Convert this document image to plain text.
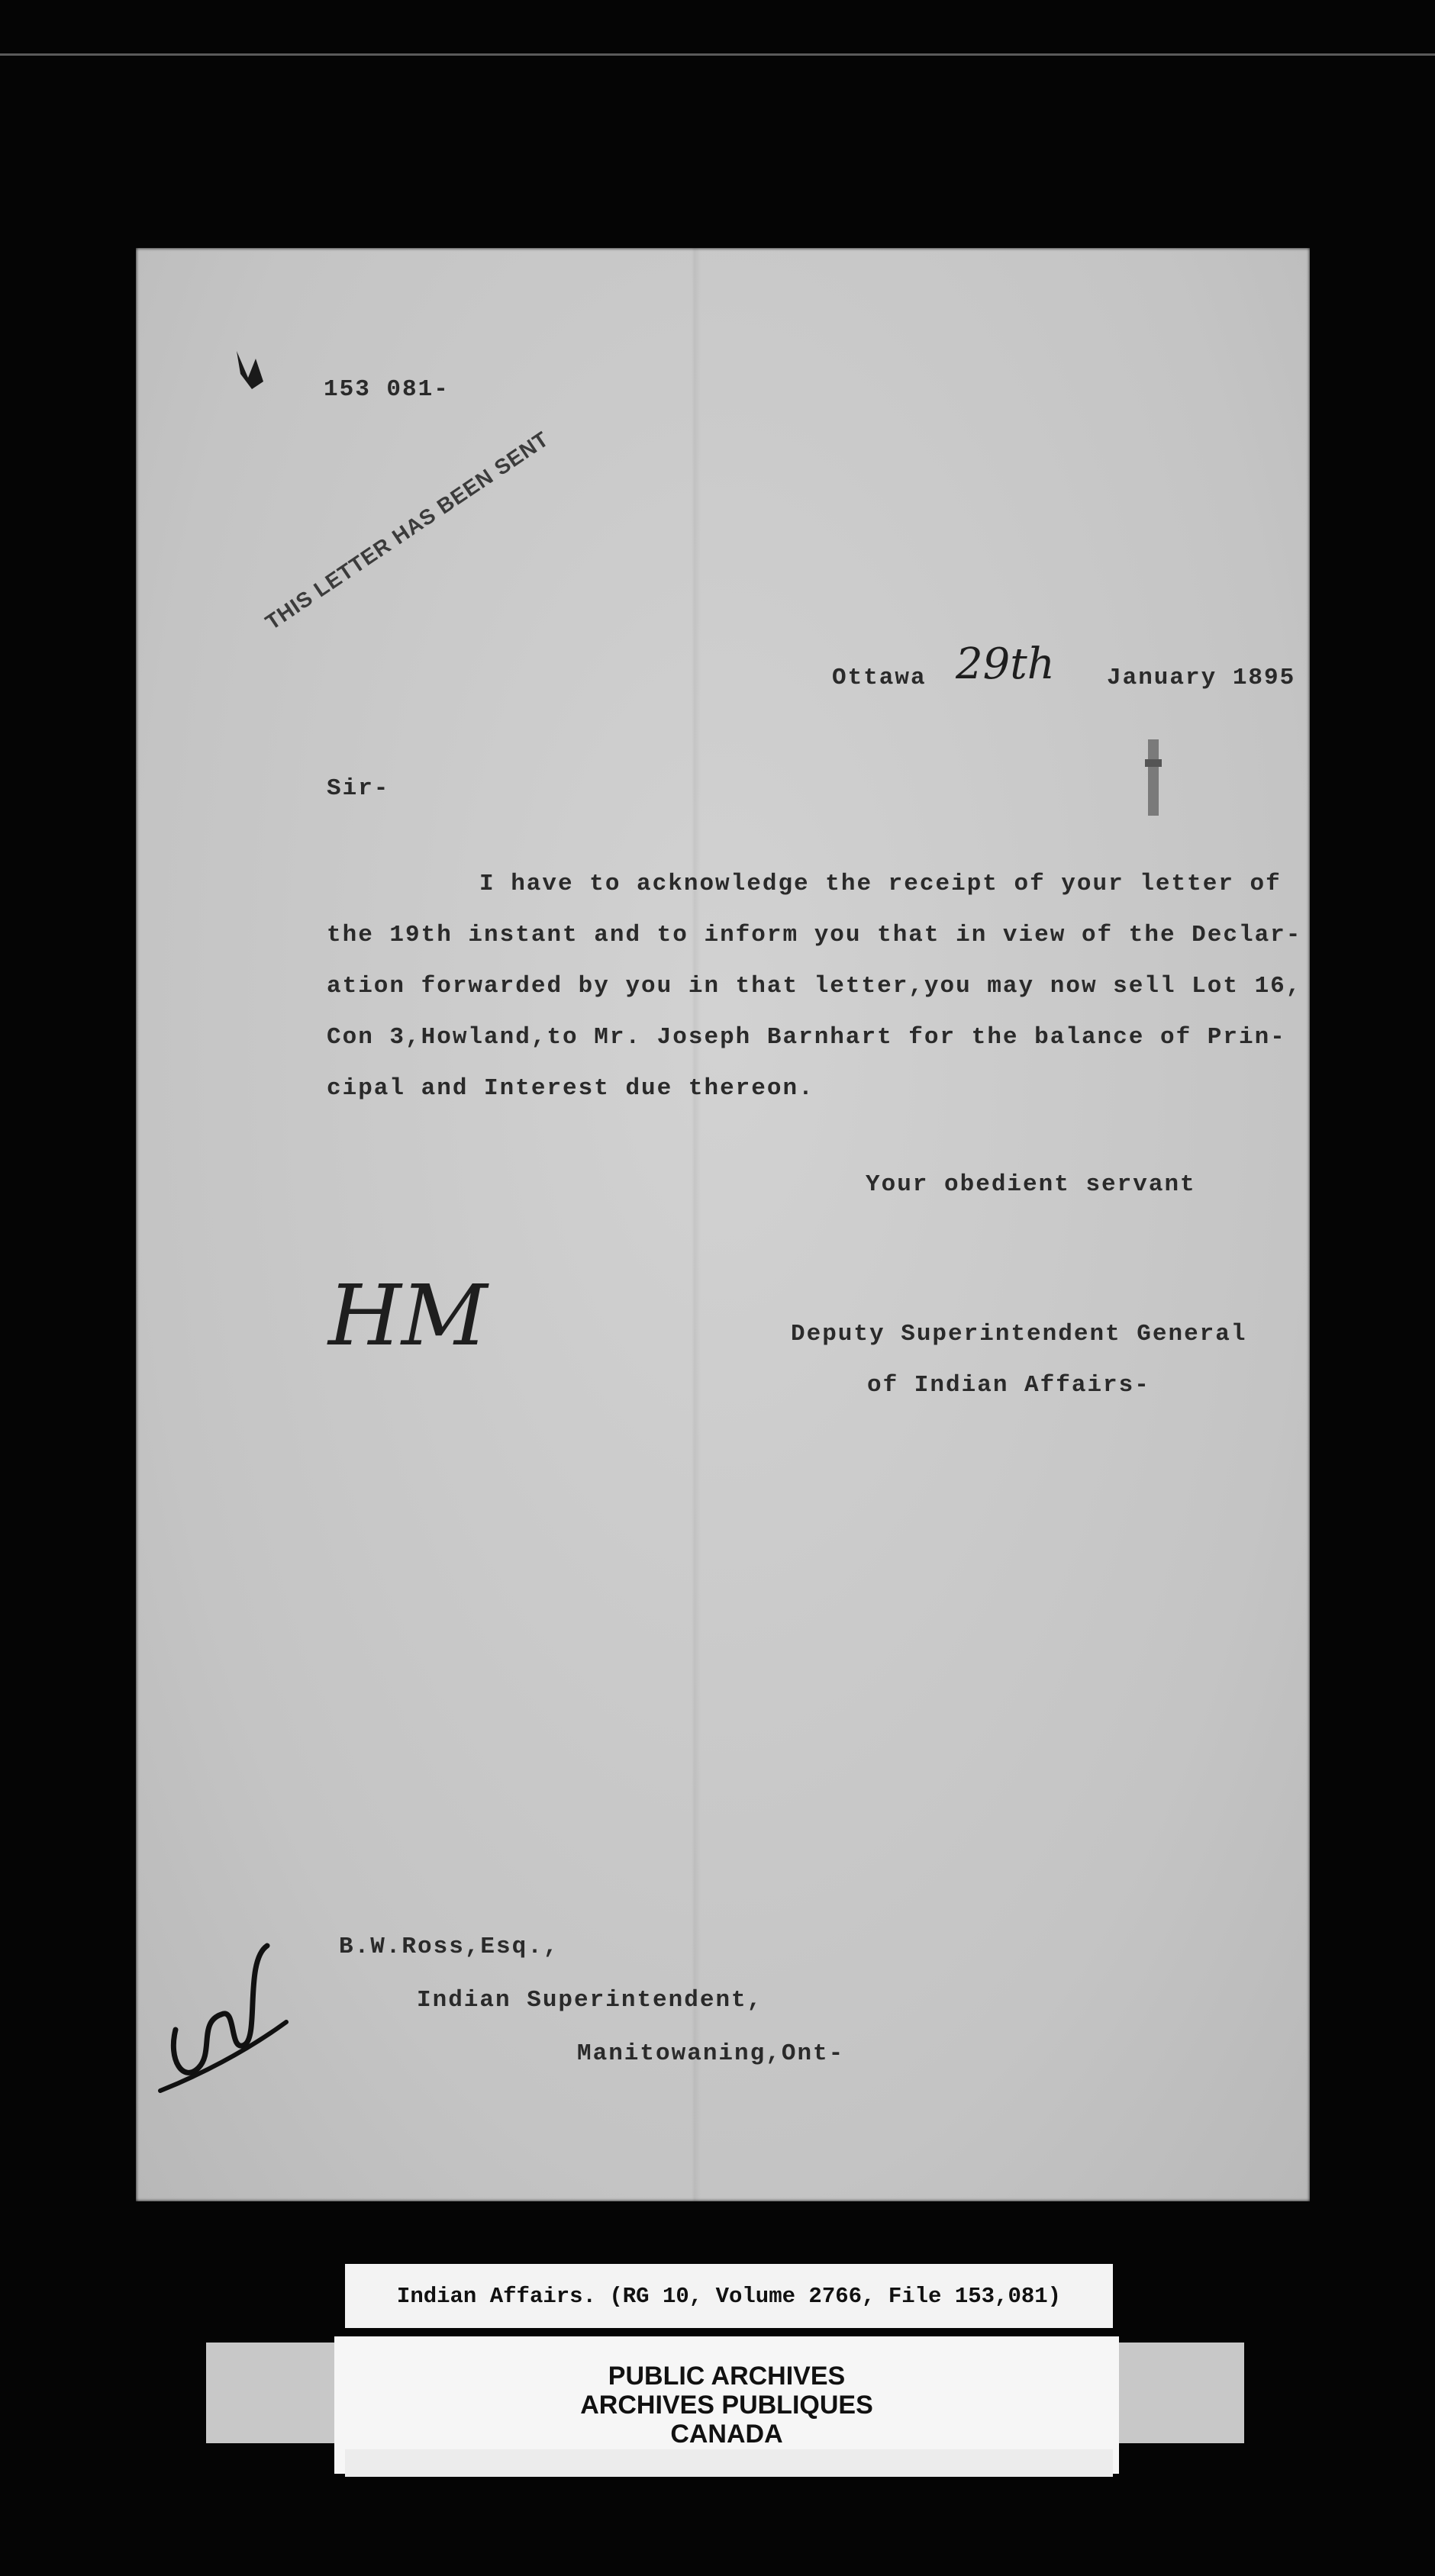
153 081-
THIS LETTER HAS BEEN SENT
Ottawa 29th January 1895
Sir-
I have to acknowledge the receipt of your letter of
the 19th instant and to inform you that in view of the Declar-
ation forwarded by you in that letter,you may now sell Lot 16,
Con 3,Howland,to Mr. Joseph Barnhart for the balance of Prin-
cipal and Interest due thereon.
Your obedient servant
HM	Deputy Superintendent General
of Indian Affairs-
B.W.Ross,Esq.,
Indian Superintendent,
Manitowaning,Ont-
Indian Affairs. (RG 10, Volume 2766, File 153,081)
PUBLIC ARCHIVES
ARCHIVES PUBLIQUES
CANADA
